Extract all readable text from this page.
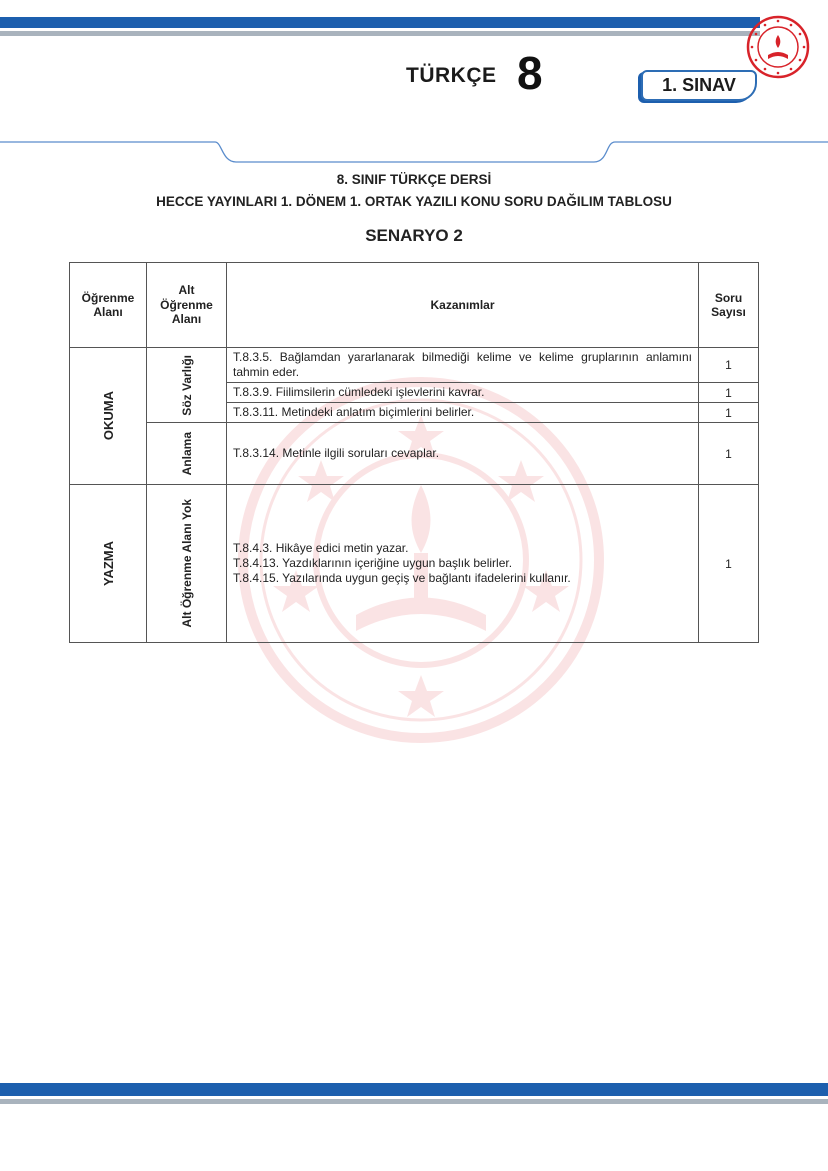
TÜRKÇE 8	1. SINAV
8. SINIF TÜRKÇE DERSİ
HECCE YAYINLARI 1. DÖNEM 1. ORTAK YAZILI KONU SORU DAĞILIM TABLOSU
SENARYO 2
Öğrenme Alanı	Alt Öğrenme Alanı	Kazanımlar	Soru Sayısı

OKUMA	Söz Varlığı	T.8.3.5. Bağlamdan yararlanarak bilmediği kelime ve kelime gruplarının anlamını tahmin eder.	1
		T.8.3.9. Fiilimsilerin cümledeki işlevlerini kavrar.	1
		T.8.3.11. Metindeki anlatım biçimlerini belirler.	1

	Anlama	T.8.3.14. Metinle ilgili soruları cevaplar.	1

YAZMA	Alt Öğrenme Alanı Yok	T.8.4.3. Hikâye edici metin yazar.
T.8.4.13. Yazdıklarının içeriğine uygun başlık belirler.
T.8.4.15. Yazılarında uygun geçiş ve bağlantı ifadelerini kullanır.	1
